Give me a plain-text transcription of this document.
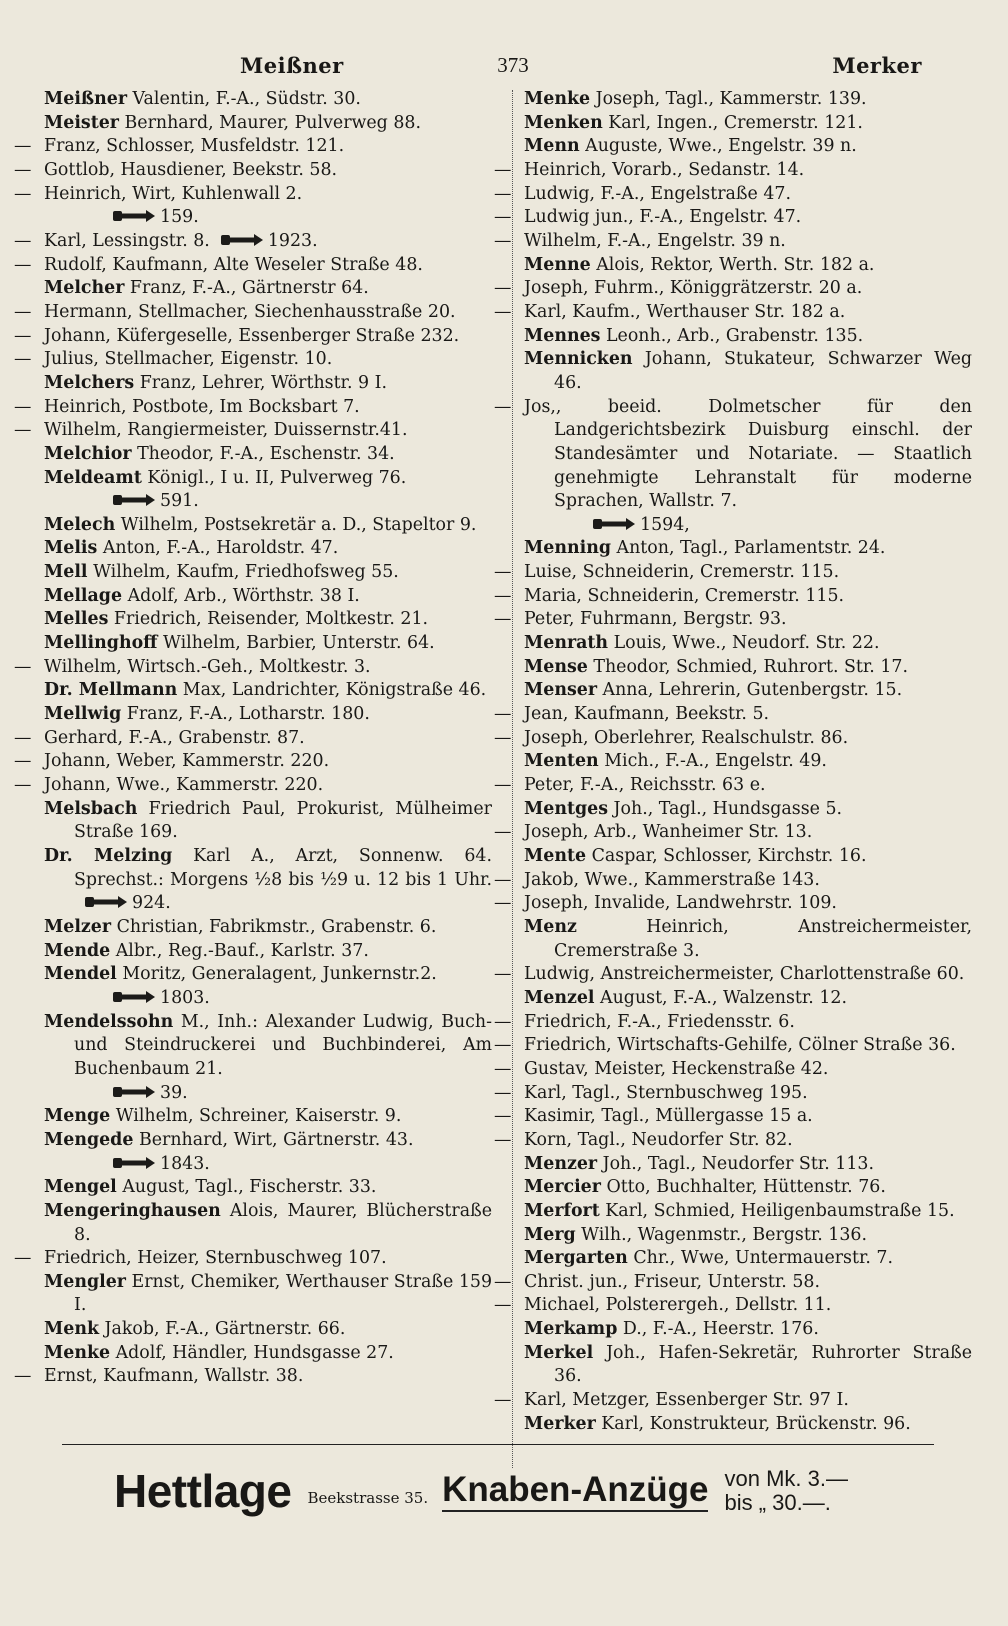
Meißner	373	Merker
Meißner Valentin, F.-A., Südstr. 30.
Meister Bernhard, Maurer, Pulverweg 88.
—Franz, Schlosser, Musfeldstr. 121.
—Gottlob, Hausdiener, Beekstr. 58.
—Heinrich, Wirt, Kuhlenwall 2.
159.
—Karl, Lessingstr. 8.	1923.
—Rudolf, Kaufmann, Alte Weseler Straße 48.
Melcher Franz, F.-A., Gärtnerstr 64.
—Hermann, Stellmacher, Siechenhausstraße 20.
—Johann, Küfergeselle, Essenberger Straße 232.
—Julius, Stellmacher, Eigenstr. 10.
Melchers Franz, Lehrer, Wörthstr. 9 I.
—Heinrich, Postbote, Im Bocksbart 7.
—Wilhelm, Rangiermeister, Duissernstr.41.
Melchior Theodor, F.-A., Eschenstr. 34.
Meldeamt Königl., I u. II, Pulverweg 76.
591.
Melech Wilhelm, Postsekretär a. D., Stapeltor 9.
Melis Anton, F.-A., Haroldstr. 47.
Mell Wilhelm, Kaufm, Friedhofsweg 55.
Mellage Adolf, Arb., Wörthstr. 38 I.
Melles Friedrich, Reisender, Moltkestr. 21.
Mellinghoff Wilhelm, Barbier, Unterstr. 64.
—Wilhelm, Wirtsch.-Geh., Moltkestr. 3.
Dr. Mellmann Max, Landrichter, Königstraße 46.
Mellwig Franz, F.-A., Lotharstr. 180.
—Gerhard, F.-A., Grabenstr. 87.
—Johann, Weber, Kammerstr. 220.
—Johann, Wwe., Kammerstr. 220.
Melsbach Friedrich Paul, Prokurist, Mülheimer Straße 169.
Dr. Melzing Karl A., Arzt, Sonnenw. 64. Sprechst.: Morgens ½8 bis ½9 u. 12 bis 1 Uhr.924.
Melzer Christian, Fabrikmstr., Grabenstr. 6.
Mende Albr., Reg.-Bauf., Karlstr. 37.
Mendel Moritz, Generalagent, Junkernstr.2.
1803.
Mendelssohn M., Inh.: Alexander Ludwig, Buch- und Steindruckerei und Buchbinderei, Am Buchenbaum 21.
39.
Menge Wilhelm, Schreiner, Kaiserstr. 9.
Mengede Bernhard, Wirt, Gärtnerstr. 43.
1843.
Mengel August, Tagl., Fischerstr. 33.
Mengeringhausen Alois, Maurer, Blücherstraße 8.
—Friedrich, Heizer, Sternbuschweg 107.
Mengler Ernst, Chemiker, Werthauser Straße 159 I.
Menk Jakob, F.-A., Gärtnerstr. 66.
Menke Adolf, Händler, Hundsgasse 27.
—Ernst, Kaufmann, Wallstr. 38.
Menke Joseph, Tagl., Kammerstr. 139.
Menken Karl, Ingen., Cremerstr. 121.
Menn Auguste, Wwe., Engelstr. 39 n.
—Heinrich, Vorarb., Sedanstr. 14.
—Ludwig, F.-A., Engelstraße 47.
—Ludwig jun., F.-A., Engelstr. 47.
—Wilhelm, F.-A., Engelstr. 39 n.
Menne Alois, Rektor, Werth. Str. 182 a.
—Joseph, Fuhrm., Königgrätzerstr. 20 a.
—Karl, Kaufm., Werthauser Str. 182 a.
Mennes Leonh., Arb., Grabenstr. 135.
Mennicken Johann, Stukateur, Schwarzer Weg 46.
—Jos,, beeid. Dolmetscher für den Landgerichtsbezirk Duisburg einschl. der Standesämter und Notariate. — Staatlich genehmigte Lehranstalt für moderne Sprachen, Wallstr. 7.
1594,
Menning Anton, Tagl., Parlamentstr. 24.
—Luise, Schneiderin, Cremerstr. 115.
—Maria, Schneiderin, Cremerstr. 115.
—Peter, Fuhrmann, Bergstr. 93.
Menrath Louis, Wwe., Neudorf. Str. 22.
Mense Theodor, Schmied, Ruhrort. Str. 17.
Menser Anna, Lehrerin, Gutenbergstr. 15.
—Jean, Kaufmann, Beekstr. 5.
—Joseph, Oberlehrer, Realschulstr. 86.
Menten Mich., F.-A., Engelstr. 49.
—Peter, F.-A., Reichsstr. 63 e.
Mentges Joh., Tagl., Hundsgasse 5.
—Joseph, Arb., Wanheimer Str. 13.
Mente Caspar, Schlosser, Kirchstr. 16.
—Jakob, Wwe., Kammerstraße 143.
—Joseph, Invalide, Landwehrstr. 109.
Menz	Heinrich, Anstreichermeister, Cremerstraße 3.
—Ludwig, Anstreichermeister, Charlottenstraße 60.
Menzel August, F.-A., Walzenstr. 12.
—Friedrich, F.-A., Friedensstr. 6.
—Friedrich, Wirtschafts-Gehilfe, Cölner Straße 36.
—Gustav, Meister, Heckenstraße 42.
—Karl, Tagl., Sternbuschweg 195.
—Kasimir, Tagl., Müllergasse 15 a.
—Korn, Tagl., Neudorfer Str. 82.
Menzer Joh., Tagl., Neudorfer Str. 113.
Mercier Otto, Buchhalter, Hüttenstr. 76.
Merfort Karl, Schmied, Heiligenbaumstraße 15.
Merg Wilh., Wagenmstr., Bergstr. 136.
Mergarten Chr., Wwe, Untermauerstr. 7.
—Christ. jun., Friseur, Unterstr. 58.
—Michael, Polsterergeh., Dellstr. 11.
Merkamp D., F.-A., Heerstr. 176.
Merkel Joh., Hafen-Sekretär, Ruhrorter Straße 36.
—Karl, Metzger, Essenberger Str. 97 I.
Merker Karl, Konstrukteur, Brückenstr. 96.
Hettlage Beekstrasse 35. Knaben-Anzüge von Mk. 3.—
bis „ 30.—.
